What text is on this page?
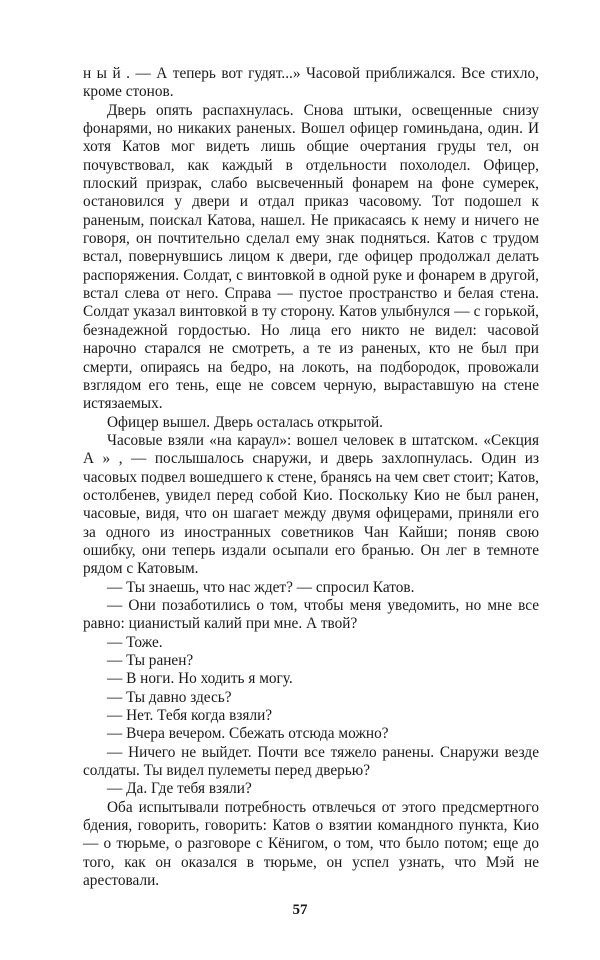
н ы й . — А теперь вот гудят...» Часовой приближался. Все стихло, кроме стонов.

Дверь опять распахнулась. Снова штыки, освещенные снизу фонарями, но никаких раненых. Вошел офицер гоминьдана, один. И хотя Катов мог видеть лишь общие очертания груды тел, он почувствовал, как каждый в отдельности похолодел. Офицер, плоский призрак, слабо высвеченный фонарем на фоне сумерек, остановился у двери и отдал приказ часовому. Тот подошел к раненым, поискал Катова, нашел. Не прикасаясь к нему и ничего не говоря, он почтительно сделал ему знак подняться. Катов с трудом встал, повернувшись лицом к двери, где офицер продолжал делать распоряжения. Солдат, с винтовкой в одной руке и фонарем в другой, встал слева от него. Справа — пустое пространство и белая стена. Солдат указал винтовкой в ту сторону. Катов улыбнулся — с горькой, безнадежной гордостью. Но лица его никто не видел: часовой нарочно старался не смотреть, а те из раненых, кто не был при смерти, опираясь на бедро, на локоть, на подбородок, провожали взглядом его тень, еще не совсем черную, выраставшую на стене истязаемых.

Офицер вышел. Дверь осталась открытой.

Часовые взяли «на караул»: вошел человек в штатском. «Секция А » , — послышалось снаружи, и дверь захлопнулась. Один из часовых подвел вошедшего к стене, бранясь на чем свет стоит; Катов, остолбенев, увидел перед собой Кио. Поскольку Кио не был ранен, часовые, видя, что он шагает между двумя офицерами, приняли его за одного из иностранных советников Чан Кайши; поняв свою ошибку, они теперь издали осыпали его бранью. Он лег в темноте рядом с Катовым.

— Ты знаешь, что нас ждет? — спросил Катов.

— Они позаботились о том, чтобы меня уведомить, но мне все равно: цианистый калий при мне. А твой?

— Тоже.

— Ты ранен?

— В ноги. Но ходить я могу.

— Ты давно здесь?

— Нет. Тебя когда взяли?

— Вчера вечером. Сбежать отсюда можно?

— Ничего не выйдет. Почти все тяжело ранены. Снаружи везде солдаты. Ты видел пулеметы перед дверью?

— Да. Где тебя взяли?

Оба испытывали потребность отвлечься от этого предсмертного бдения, говорить, говорить: Катов о взятии командного пункта, Кио — о тюрьме, о разговоре с Кёнигом, о том, что было потом; еще до того, как он оказался в тюрьме, он успел узнать, что Мэй не арестовали.

57
